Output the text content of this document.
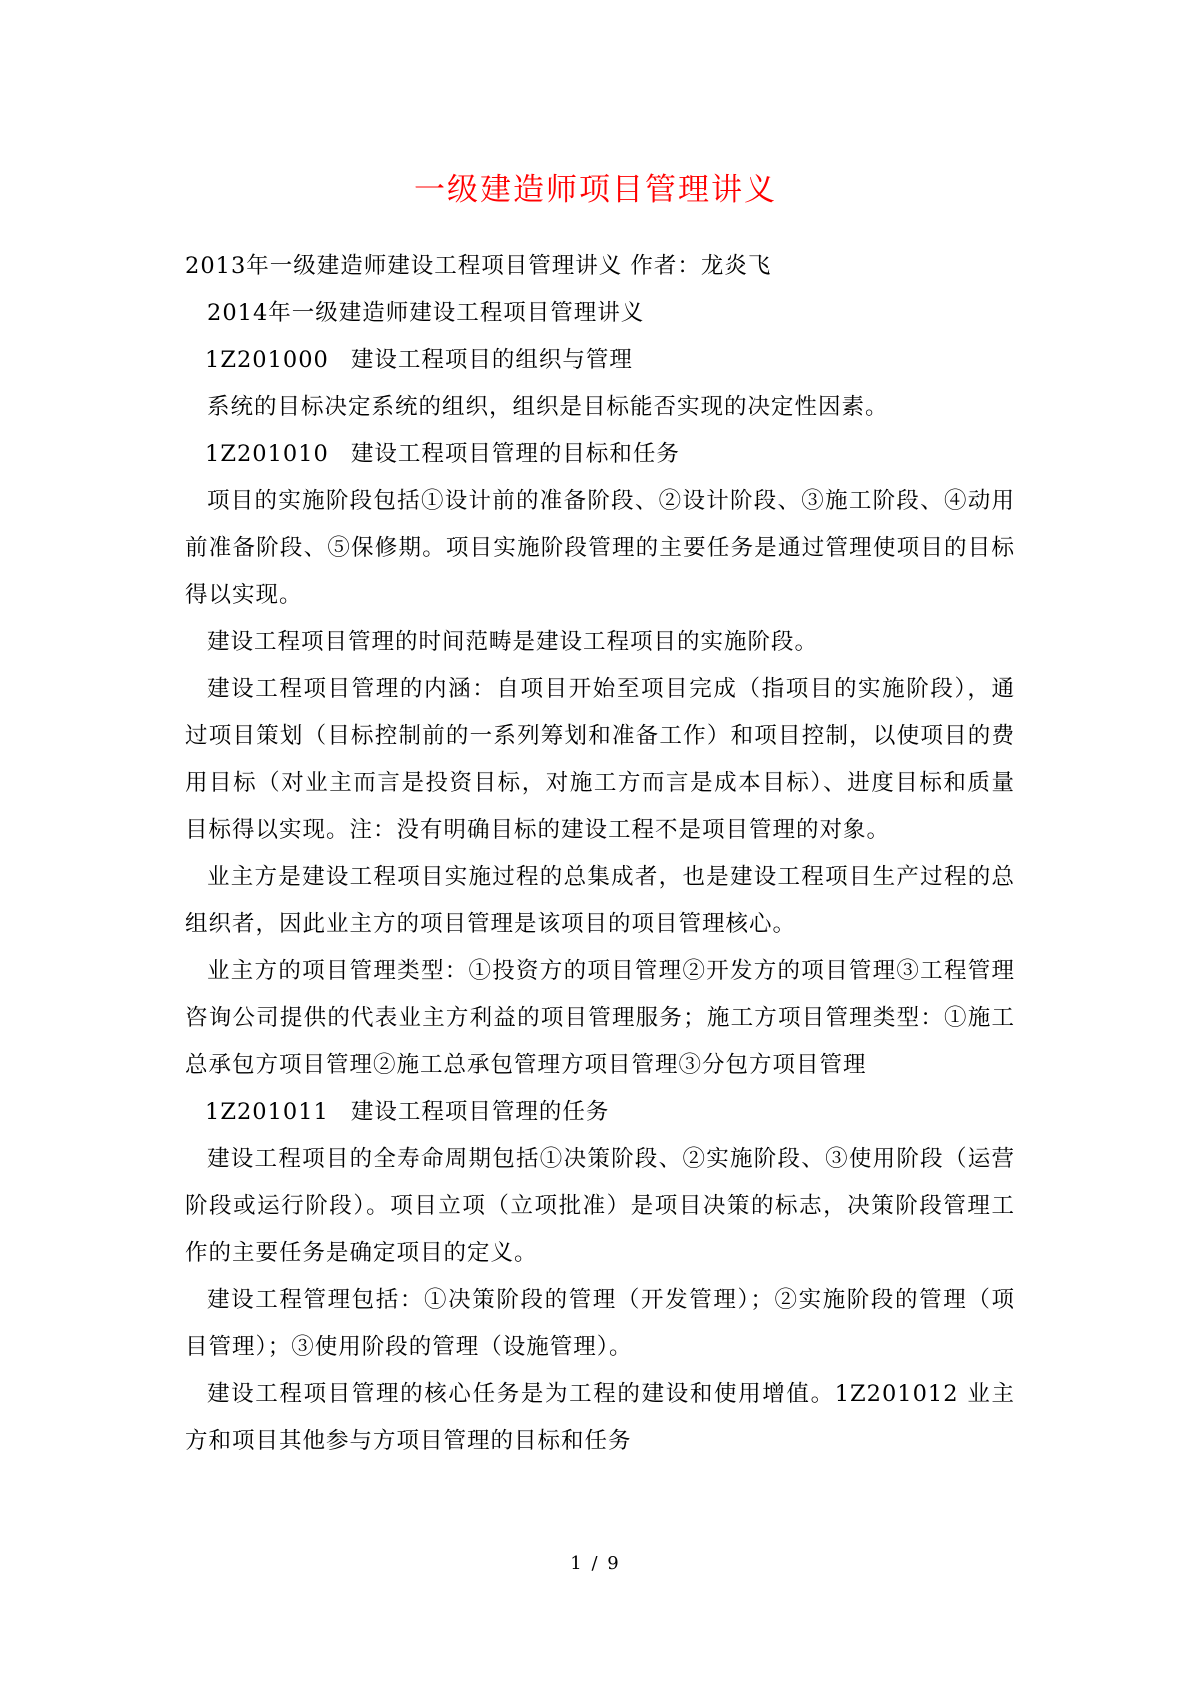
一级建造师项目管理讲义

2013年一级建造师建设工程项目管理讲义 作者：龙炎飞

2014年一级建造师建设工程项目管理讲义

1Z201000 建设工程项目的组织与管理

系统的目标决定系统的组织，组织是目标能否实现的决定性因素。

1Z201010 建设工程项目管理的目标和任务

项目的实施阶段包括①设计前的准备阶段、②设计阶段、③施工阶段、④动用前准备阶段、⑤保修期。项目实施阶段管理的主要任务是通过管理使项目的目标得以实现。

建设工程项目管理的时间范畴是建设工程项目的实施阶段。

建设工程项目管理的内涵：自项目开始至项目完成（指项目的实施阶段），通过项目策划（目标控制前的一系列筹划和准备工作）和项目控制，以使项目的费用目标（对业主而言是投资目标，对施工方而言是成本目标）、进度目标和质量目标得以实现。注：没有明确目标的建设工程不是项目管理的对象。

业主方是建设工程项目实施过程的总集成者，也是建设工程项目生产过程的总组织者，因此业主方的项目管理是该项目的项目管理核心。

业主方的项目管理类型：①投资方的项目管理②开发方的项目管理③工程管理咨询公司提供的代表业主方利益的项目管理服务；施工方项目管理类型：①施工总承包方项目管理②施工总承包管理方项目管理③分包方项目管理

1Z201011 建设工程项目管理的任务

建设工程项目的全寿命周期包括①决策阶段、②实施阶段、③使用阶段（运营阶段或运行阶段）。项目立项（立项批准）是项目决策的标志，决策阶段管理工作的主要任务是确定项目的定义。

建设工程管理包括：①决策阶段的管理（开发管理）；②实施阶段的管理（项目管理）；③使用阶段的管理（设施管理）。

建设工程项目管理的核心任务是为工程的建设和使用增值。1Z201012 业主方和项目其他参与方项目管理的目标和任务

1 / 9
